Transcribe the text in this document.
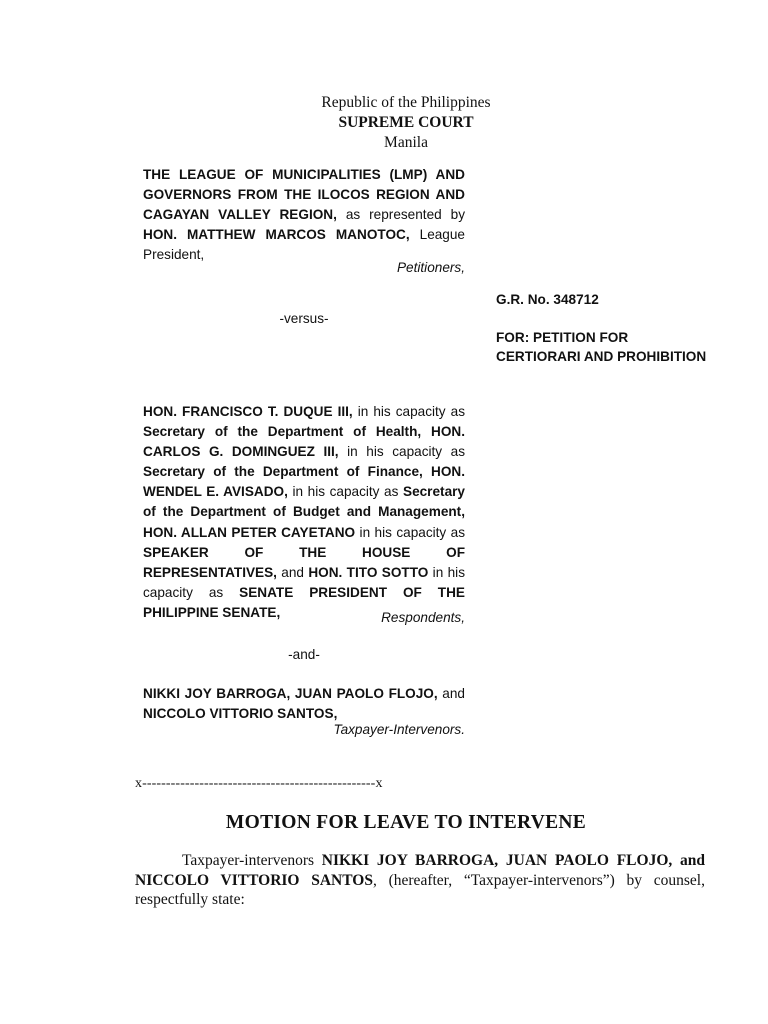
Republic of the Philippines
SUPREME COURT
Manila
THE LEAGUE OF MUNICIPALITIES (LMP) AND GOVERNORS FROM THE ILOCOS REGION AND CAGAYAN VALLEY REGION, as represented by HON. MATTHEW MARCOS MANOTOC, League President,
Petitioners,
-versus-
G.R. No. 348712
FOR: PETITION FOR
CERTIORARI AND PROHIBITION
HON. FRANCISCO T. DUQUE III, in his capacity as Secretary of the Department of Health, HON. CARLOS G. DOMINGUEZ III, in his capacity as Secretary of the Department of Finance, HON. WENDEL E. AVISADO, in his capacity as Secretary of the Department of Budget and Management, HON. ALLAN PETER CAYETANO in his capacity as SPEAKER OF THE HOUSE OF REPRESENTATIVES, and HON. TITO SOTTO in his capacity as SENATE PRESIDENT OF THE PHILIPPINE SENATE,	Respondents,
-and-
NIKKI JOY BARROGA, JUAN PAOLO FLOJO, and NICCOLO VITTORIO SANTOS,
Taxpayer-Intervenors.
x-------------------------------------------------x
MOTION FOR LEAVE TO INTERVENE
Taxpayer-intervenors NIKKI JOY BARROGA, JUAN PAOLO FLOJO, and NICCOLO VITTORIO SANTOS, (hereafter, “Taxpayer-intervenors”) by counsel, respectfully state:
